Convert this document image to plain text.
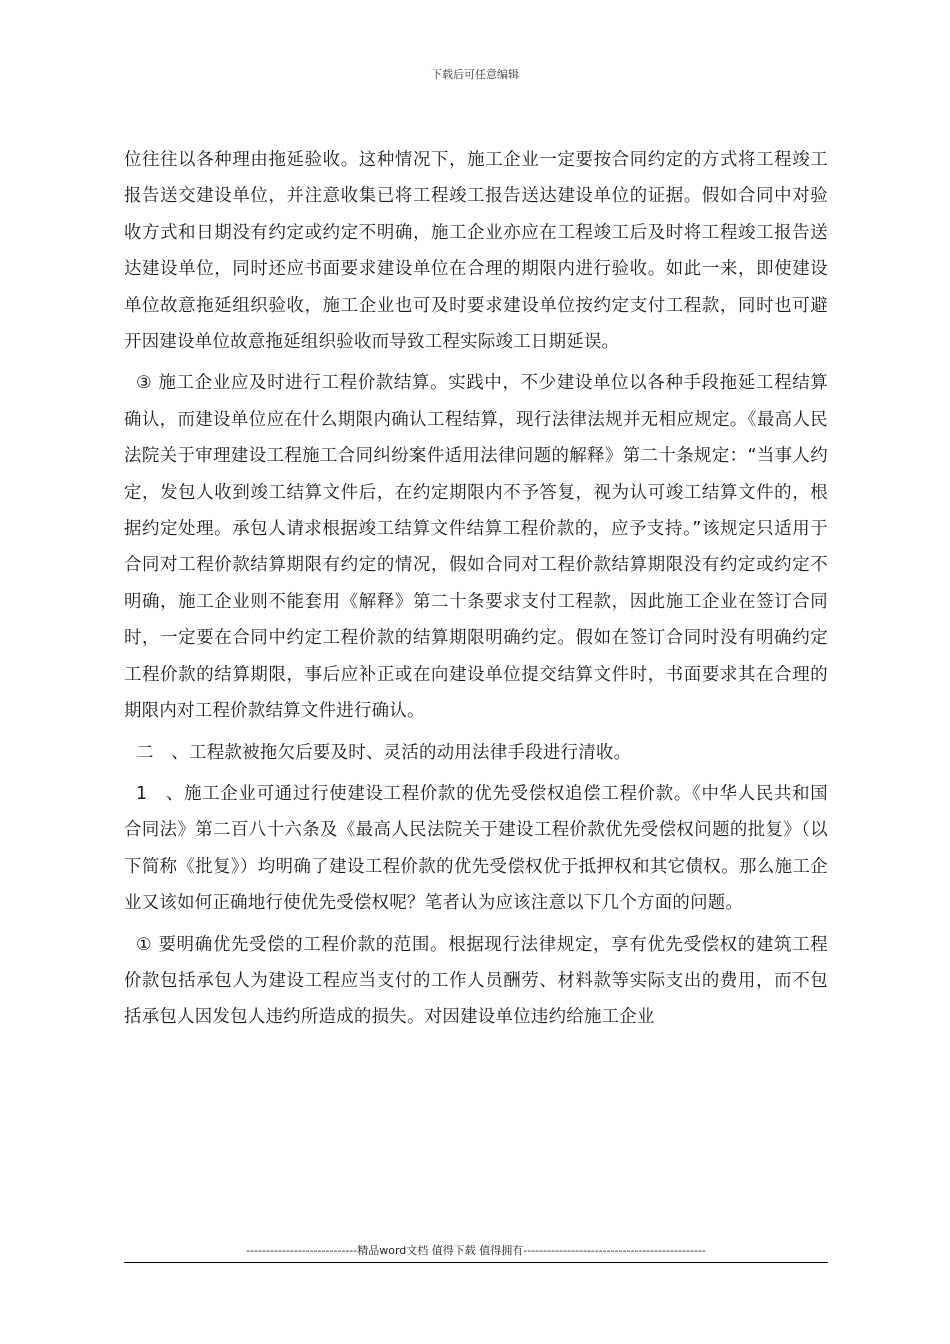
下载后可任意编辑

位往往以各种理由拖延验收。这种情况下，施工企业一定要按合同约定的方式将工程竣工报告送交建设单位，并注意收集已将工程竣工报告送达建设单位的证据。假如合同中对验收方式和日期没有约定或约定不明确，施工企业亦应在工程竣工后及时将工程竣工报告送达建设单位，同时还应书面要求建设单位在合理的期限内进行验收。如此一来，即使建设单位故意拖延组织验收，施工企业也可及时要求建设单位按约定支付工程款，同时也可避开因建设单位故意拖延组织验收而导致工程实际竣工日期延误。

③ 施工企业应及时进行工程价款结算。实践中，不少建设单位以各种手段拖延工程结算确认，而建设单位应在什么期限内确认工程结算，现行法律法规并无相应规定。《最高人民法院关于审理建设工程施工合同纠纷案件适用法律问题的解释》第二十条规定：“当事人约定，发包人收到竣工结算文件后，在约定期限内不予答复，视为认可竣工结算文件的，根据约定处理。承包人请求根据竣工结算文件结算工程价款的，应予支持。”该规定只适用于合同对工程价款结算期限有约定的情况，假如合同对工程价款结算期限没有约定或约定不明确，施工企业则不能套用《解释》第二十条要求支付工程款，因此施工企业在签订合同时，一定要在合同中约定工程价款的结算期限明确约定。假如在签订合同时没有明确约定工程价款的结算期限，事后应补正或在向建设单位提交结算文件时，书面要求其在合理的期限内对工程价款结算文件进行确认。

二　、工程款被拖欠后要及时、灵活的动用法律手段进行清收。

1　、施工企业可通过行使建设工程价款的优先受偿权追偿工程价款。《中华人民共和国合同法》第二百八十六条及《最高人民法院关于建设工程价款优先受偿权问题的批复》（以下简称《批复》）均明确了建设工程价款的优先受偿权优于抵押权和其它债权。那么施工企业又该如何正确地行使优先受偿权呢？笔者认为应该注意以下几个方面的问题。

① 要明确优先受偿的工程价款的范围。根据现行法律规定，享有优先受偿权的建筑工程价款包括承包人为建设工程应当支付的工作人员酬劳、材料款等实际支出的费用，而不包括承包人因发包人违约所造成的损失。对因建设单位违约给施工企业

----------------------------精品word文档 值得下载 值得拥有----------------------------------------------
